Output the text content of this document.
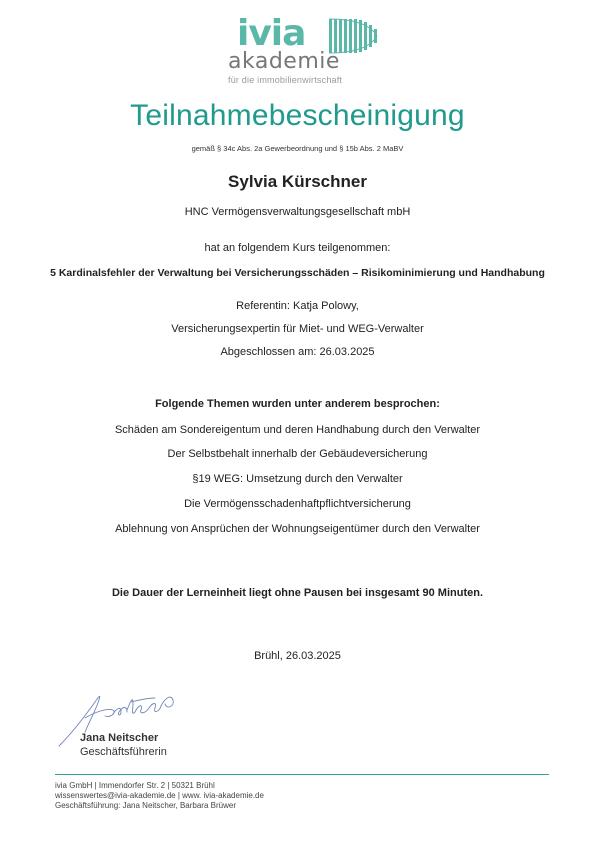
ivia
akademie
für die immobilienwirtschaft
Teilnahmebescheinigung
gemäß § 34c Abs. 2a Gewerbeordnung und § 15b Abs. 2 MaBV
Sylvia Kürschner
HNC Vermögensverwaltungsgesellschaft mbH
hat an folgendem Kurs teilgenommen:
5 Kardinalsfehler der Verwaltung bei Versicherungsschäden – Risikominimierung und Handhabung
Referentin: Katja Polowy,
Versicherungsexpertin für Miet- und WEG-Verwalter
Abgeschlossen am: 26.03.2025
Folgende Themen wurden unter anderem besprochen:
Schäden am Sondereigentum und deren Handhabung durch den Verwalter
Der Selbstbehalt innerhalb der Gebäudeversicherung
§19 WEG: Umsetzung durch den Verwalter
Die Vermögensschadenhaftpflichtversicherung
Ablehnung von Ansprüchen der Wohnungseigentümer durch den Verwalter
Die Dauer der Lerneinheit liegt ohne Pausen bei insgesamt 90 Minuten.
Brühl, 26.03.2025
Jana Neitscher
Geschäftsführerin
ivia GmbH | Immendorfer Str. 2 | 50321 Brühl
wissenswertes@ivia-akademie.de | www. ivia-akademie.de
Geschäftsführung: Jana Neitscher, Barbara Brüwer
